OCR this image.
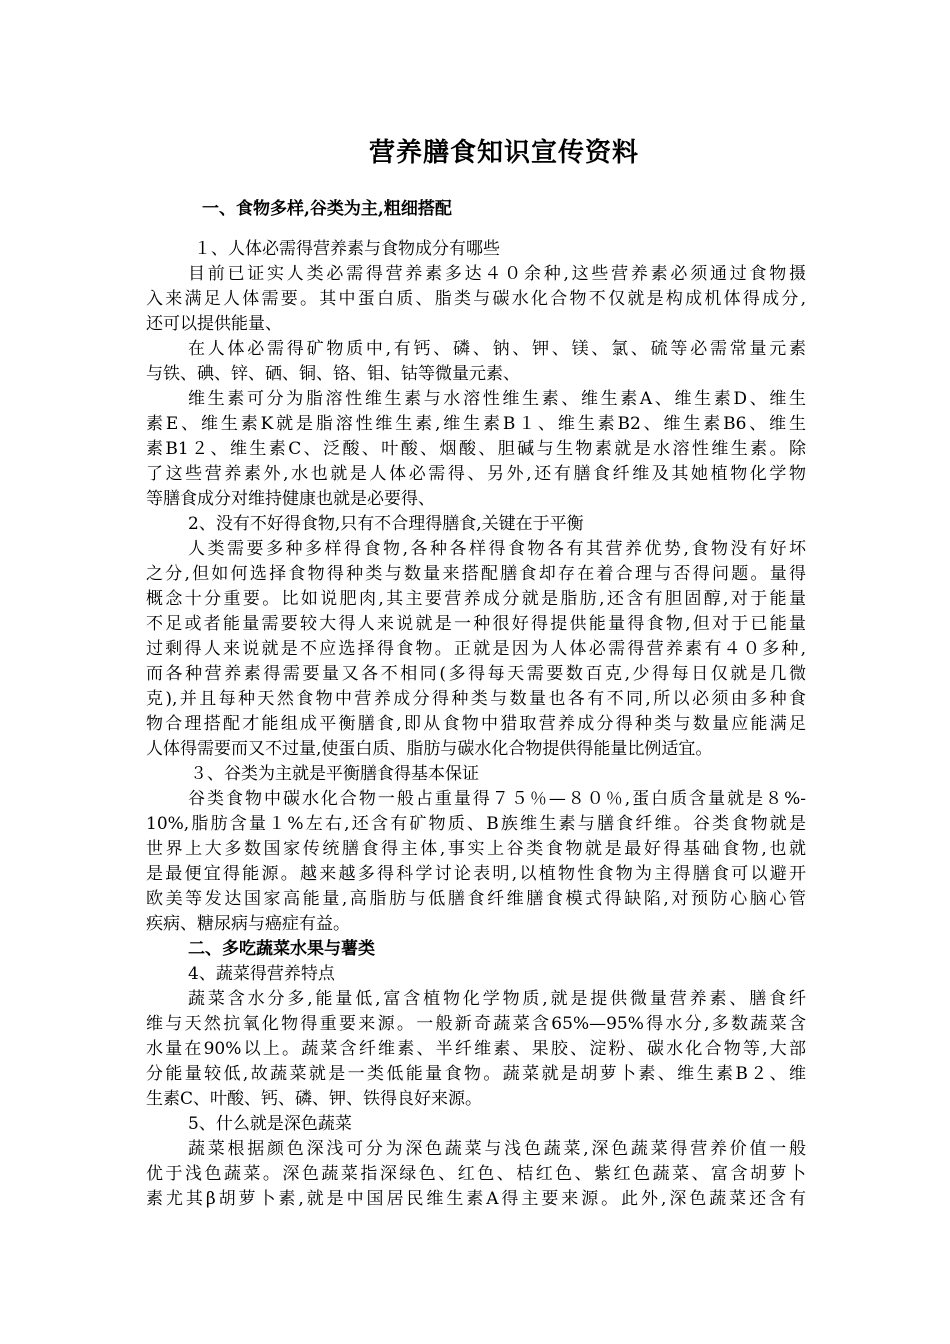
营养膳食知识宣传资料
一、食物多样,谷类为主,粗细搭配
１、人体必需得营养素与食物成分有哪些
目前已证实人类必需得营养素多达４０余种,这些营养素必须通过食物摄
入来满足人体需要。其中蛋白质、脂类与碳水化合物不仅就是构成机体得成分,
还可以提供能量、
在人体必需得矿物质中,有钙、磷、钠、钾、镁、氯、硫等必需常量元素
与铁、碘、锌、硒、铜、铬、钼、钴等微量元素、
维生素可分为脂溶性维生素与水溶性维生素、维生素A、维生素D、维生
素E、维生素K就是脂溶性维生素,维生素B１、维生素B2、维生素B6、维生
素B1２、维生素C、泛酸、叶酸、烟酸、胆碱与生物素就是水溶性维生素。除
了这些营养素外,水也就是人体必需得、另外,还有膳食纤维及其她植物化学物
等膳食成分对维持健康也就是必要得、
2、没有不好得食物,只有不合理得膳食,关键在于平衡
人类需要多种多样得食物,各种各样得食物各有其营养优势,食物没有好坏
之分,但如何选择食物得种类与数量来搭配膳食却存在着合理与否得问题。量得
概念十分重要。比如说肥肉,其主要营养成分就是脂肪,还含有胆固醇,对于能量
不足或者能量需要较大得人来说就是一种很好得提供能量得食物,但对于已能量
过剩得人来说就是不应选择得食物。正就是因为人体必需得营养素有４０多种,
而各种营养素得需要量又各不相同(多得每天需要数百克,少得每日仅就是几微
克),并且每种天然食物中营养成分得种类与数量也各有不同,所以必须由多种食
物合理搭配才能组成平衡膳食,即从食物中猎取营养成分得种类与数量应能满足
人体得需要而又不过量,使蛋白质、脂肪与碳水化合物提供得能量比例适宜。
３、谷类为主就是平衡膳食得基本保证
谷类食物中碳水化合物一般占重量得７５％—８０％,蛋白质含量就是８%-
10%,脂肪含量１%左右,还含有矿物质、B族维生素与膳食纤维。谷类食物就是
世界上大多数国家传统膳食得主体,事实上谷类食物就是最好得基础食物,也就
是最便宜得能源。越来越多得科学讨论表明,以植物性食物为主得膳食可以避开
欧美等发达国家高能量,高脂肪与低膳食纤维膳食模式得缺陷,对预防心脑心管
疾病、糖尿病与癌症有益。
二、多吃蔬菜水果与薯类
4、蔬菜得营养特点
蔬菜含水分多,能量低,富含植物化学物质,就是提供微量营养素、膳食纤
维与天然抗氧化物得重要来源。一般新奇蔬菜含65%—95%得水分,多数蔬菜含
水量在90%以上。蔬菜含纤维素、半纤维素、果胶、淀粉、碳水化合物等,大部
分能量较低,故蔬菜就是一类低能量食物。蔬菜就是胡萝卜素、维生素B２、维
生素C、叶酸、钙、磷、钾、铁得良好来源。
5、什么就是深色蔬菜
蔬菜根据颜色深浅可分为深色蔬菜与浅色蔬菜,深色蔬菜得营养价值一般
优于浅色蔬菜。深色蔬菜指深绿色、红色、桔红色、紫红色蔬菜、富含胡萝卜
素尤其β胡萝卜素,就是中国居民维生素A得主要来源。此外,深色蔬菜还含有
